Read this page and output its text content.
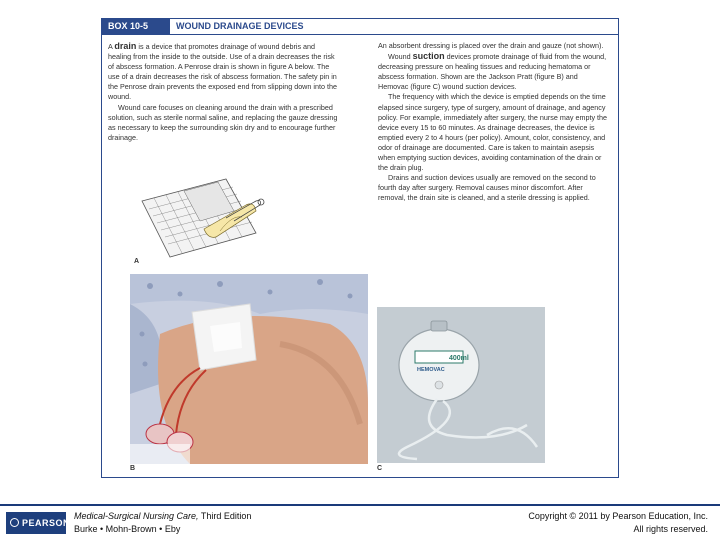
BOX 10-5	WOUND DRAINAGE DEVICES

A drain is a device that promotes drainage of wound debris and healing from the inside to the outside. Use of a drain decreases the risk of abscess formation. A Penrose drain is shown in figure A below. The use of a drain decreases the risk of abscess formation. The safety pin in the Penrose drain prevents the exposed end from slipping down into the wound.

Wound care focuses on cleaning around the drain with a prescribed solution, such as sterile normal saline, and replacing the gauze dressing as necessary to keep the surrounding skin dry and to encourage further drainage.

An absorbent dressing is placed over the drain and gauze (not shown).

Wound suction devices promote drainage of fluid from the wound, decreasing pressure on healing tissues and reducing hematoma or abscess formation. Shown are the Jackson Pratt (figure B) and Hemovac (figure C) wound suction devices.

The frequency with which the device is emptied depends on the time elapsed since surgery, type of surgery, amount of drainage, and agency policy. For example, immediately after surgery, the nurse may empty the device every 15 to 60 minutes. As drainage decreases, the device is emptied every 2 to 4 hours (per policy). Amount, color, consistency, and odor of drainage are documented. Care is taken to maintain asepsis when emptying suction devices, avoiding contamination of the drain or the drain plug.

Drains and suction devices usually are removed on the second to fourth day after surgery. Removal causes minor discomfort. After removal, the drain site is cleaned, and a sterile dressing is applied.

A
B
400ml
HEMOVAC
C
PEARSON
Medical-Surgical Nursing Care, Third Edition
Burke • Mohn-Brown • Eby
Copyright © 2011 by Pearson Education, Inc.
All rights reserved.
